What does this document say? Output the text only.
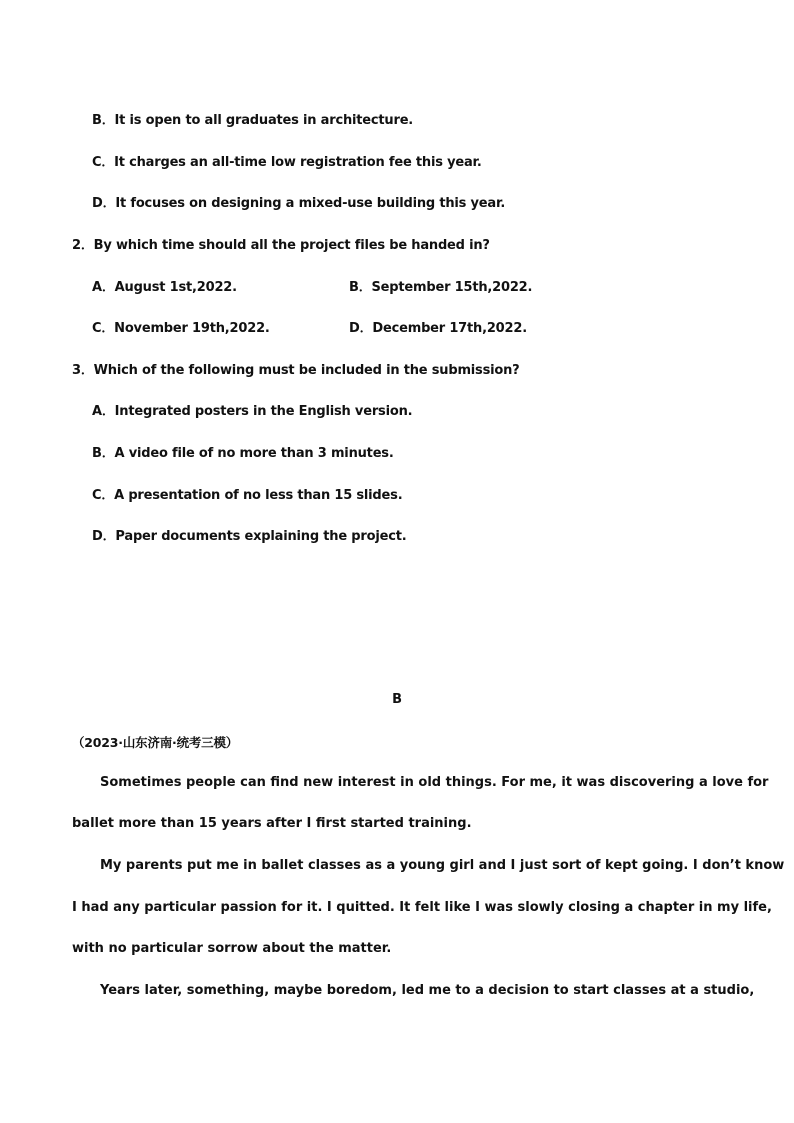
B．It is open to all graduates in architecture.
C．It charges an all-time low registration fee this year.
D．It focuses on designing a mixed-use building this year.
2．By which time should all the project files be handed in?
A．August 1st,2022.	B．September 15th,2022.
C．November 19th,2022.	D．December 17th,2022.
3．Which of the following must be included in the submission?
A．Integrated posters in the English version.
B．A video file of no more than 3 minutes.
C．A presentation of no less than 15 slides.
D．Paper documents explaining the project.
B
（2023·山东济南·统考三模）
Sometimes people can find new interest in old things. For me, it was discovering a love for
ballet more than 15 years after I first started training.
My parents put me in ballet classes as a young girl and I just sort of kept going. I don’t know
I had any particular passion for it. I quitted. It felt like I was slowly closing a chapter in my life,
with no particular sorrow about the matter.
Years later, something, maybe boredom, led me to a decision to start classes at a studio,
